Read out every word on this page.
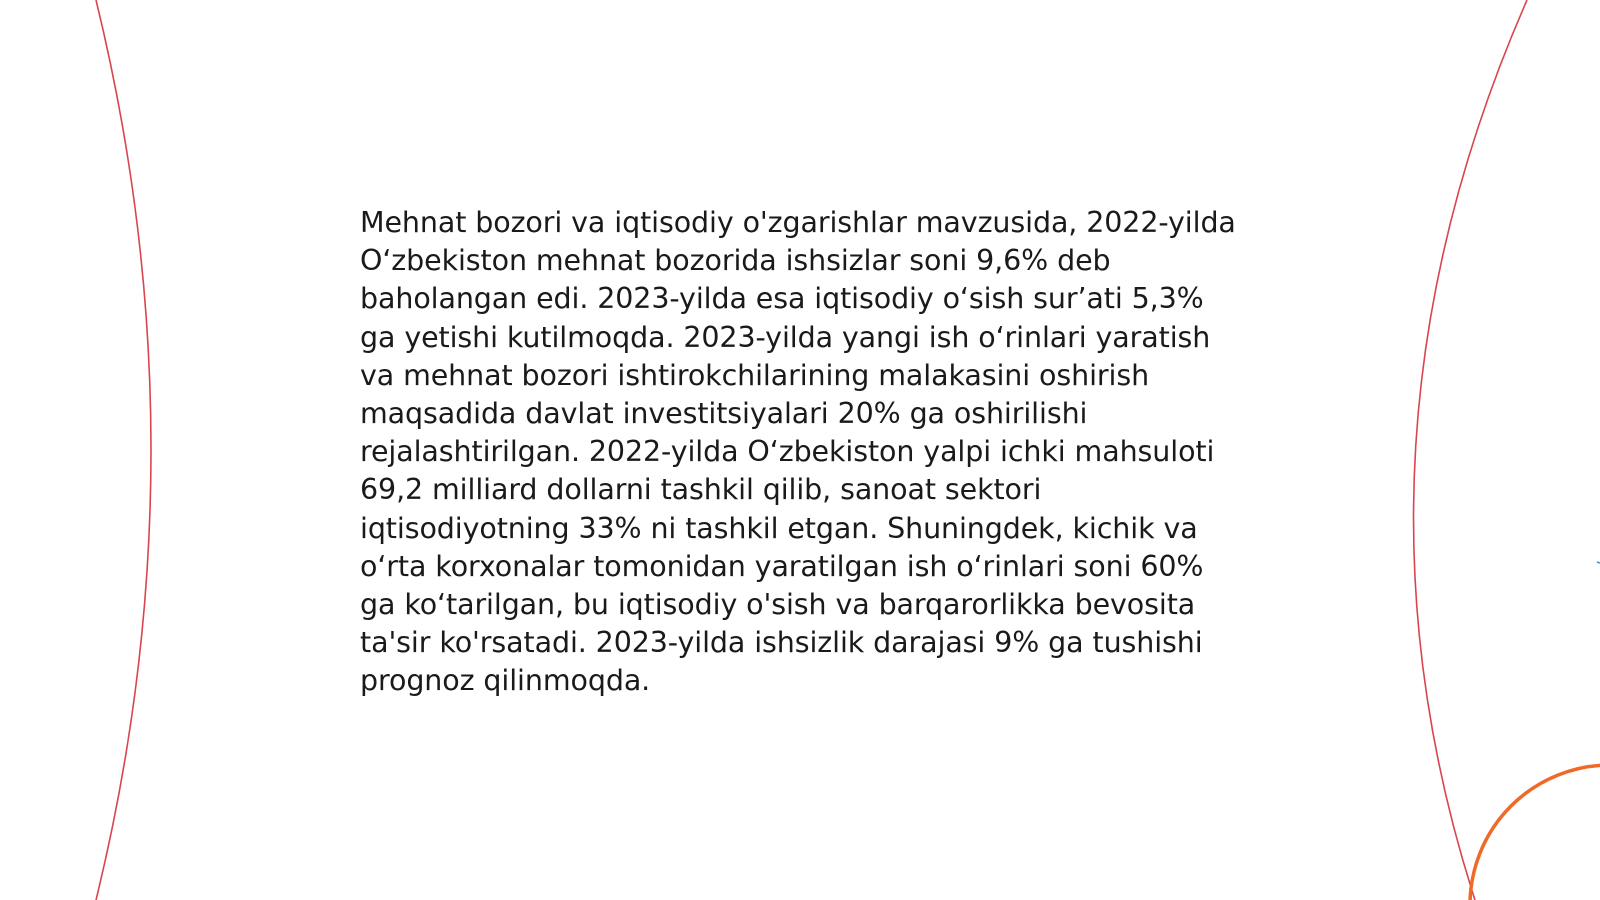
Mehnat bozori va iqtisodiy o'zgarishlar mavzusida, 2022-yilda O‘zbekiston mehnat bozorida ishsizlar soni 9,6% deb baholangan edi. 2023-yilda esa iqtisodiy o‘sish sur’ati 5,3% ga yetishi kutilmoqda. 2023-yilda yangi ish o‘rinlari yaratish va mehnat bozori ishtirokchilarining malakasini oshirish maqsadida davlat investitsiyalari 20% ga oshirilishi rejalashtirilgan. 2022-yilda O‘zbekiston yalpi ichki mahsuloti 69,2 milliard dollarni tashkil qilib, sanoat sektori iqtisodiyotning 33% ni tashkil etgan. Shuningdek, kichik va o‘rta korxonalar tomonidan yaratilgan ish o‘rinlari soni 60% ga ko‘tarilgan, bu iqtisodiy o'sish va barqarorlikka bevosita ta'sir ko'rsatadi. 2023-yilda ishsizlik darajasi 9% ga tushishi prognoz qilinmoqda.
